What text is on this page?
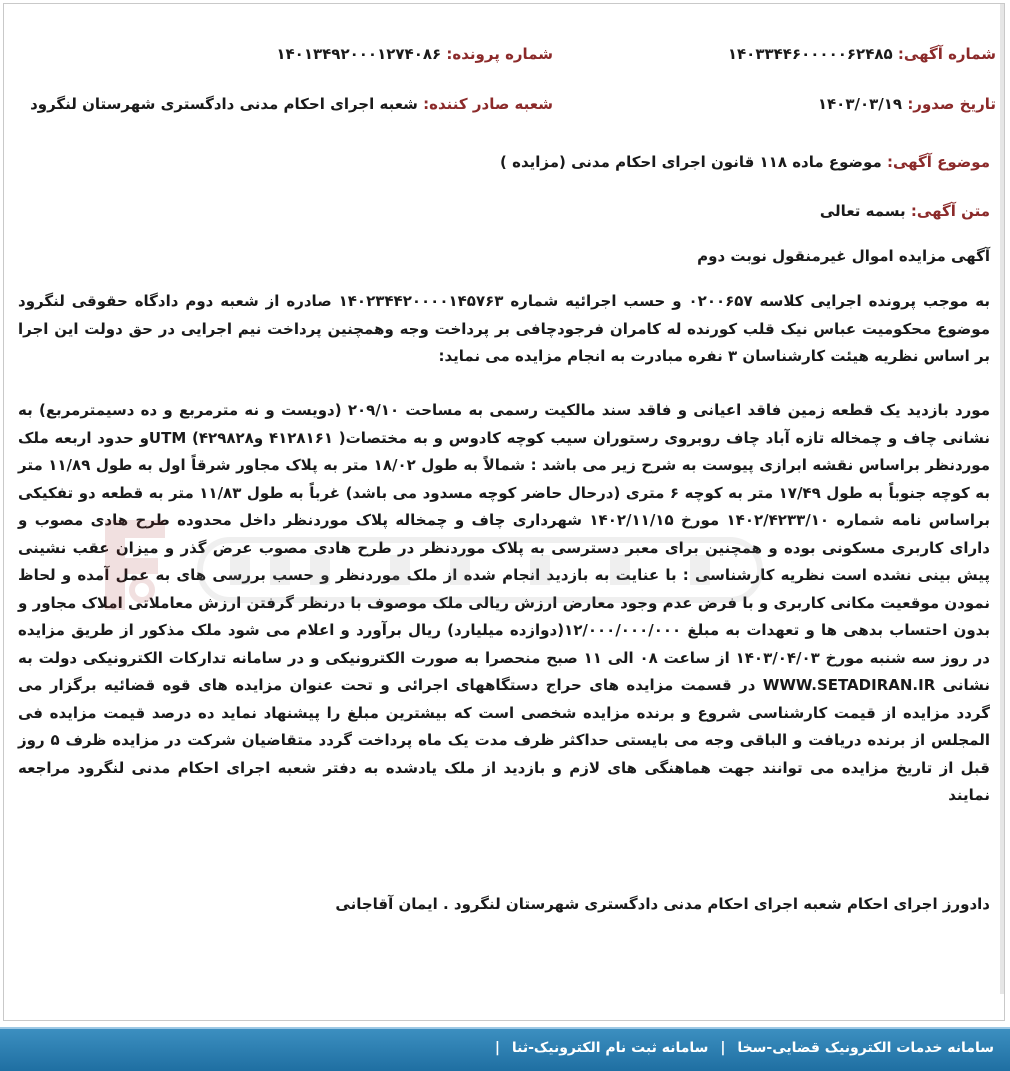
شماره آگهی: ۱۴۰۳۳۴۴۶۰۰۰۰۰۶۲۴۸۵
شماره پرونده: ۱۴۰۱۳۴۹۲۰۰۰۱۲۷۴۰۸۶
تاریخ صدور: ۱۴۰۳/۰۳/۱۹
شعبه صادر کننده: شعبه اجرای احکام مدنی دادگستری شهرستان لنگرود
موضوع آگهی: موضوع ماده ۱۱۸ قانون اجرای احکام مدنی (مزایده )
متن آگهی: بسمه تعالی
آگهی مزایده اموال غیرمنقول نوبت دوم
به موجب پرونده اجرایی کلاسه ۰۲۰۰۶۵۷ و حسب اجرائیه شماره ۱۴۰۲۳۴۴۲۰۰۰۰۱۴۵۷۶۳ صادره از شعبه دوم دادگاه حقوقی لنگرود موضوع محکومیت عباس نیک قلب کورنده له کامران فرجودچافی بر پرداخت وجه وهمچنین پرداخت نیم اجرایی در حق دولت این اجرا بر اساس نظریه هیئت کارشناسان ۳ نفره مبادرت به انجام مزایده می نماید:
مورد بازدید یک قطعه زمین فاقد اعیانی و فاقد سند مالکیت رسمی به مساحت ۲۰۹/۱۰ (دویست و نه مترمربع و ده دسیمترمربع) به نشانی چاف و چمخاله تازه آباد چاف روبروی رستوران سیب کوچه کادوس و به مختصات( ۴۱۲۸۱۶۱ و۴۲۹۸۲۸) UTMو حدود اربعه ملک موردنظر براساس نقشه ابرازی پیوست به شرح زیر می باشد : شمالاً به طول ۱۸/۰۲ متر به پلاک مجاور شرقاً اول به طول ۱۱/۸۹ متر به کوچه جنوباً به طول ۱۷/۴۹ متر به کوچه ۶ متری (درحال حاضر کوچه مسدود می باشد) غرباً به طول ۱۱/۸۳ متر به قطعه دو تفکیکی براساس نامه شماره ۱۴۰۲/۴۲۳۳/۱۰ مورخ ۱۴۰۲/۱۱/۱۵ شهرداری چاف و چمخاله پلاک موردنظر داخل محدوده طرح هادی مصوب و دارای کاربری مسکونی بوده و همچنین برای معبر دسترسی به پلاک موردنظر در طرح هادی مصوب عرض گذر و میزان عقب نشینی پیش بینی نشده است نظریه کارشناسی : با عنایت به بازدید انجام شده از ملک موردنظر و حسب بررسی های به عمل آمده و لحاظ نمودن موقعیت مکانی کاربری و با فرض عدم وجود معارض ارزش ریالی ملک موصوف با درنظر گرفتن ارزش معاملاتی املاک مجاور و بدون احتساب بدهی ها و تعهدات به مبلغ ۱۲/۰۰۰/۰۰۰/۰۰۰(دوازده میلیارد) ریال برآورد و اعلام می شود ملک مذکور از طریق مزایده در روز سه شنبه مورخ ۱۴۰۳/۰۴/۰۳ از ساعت ۰۸ الی ۱۱ صبح منحصرا به صورت الکترونیکی و در سامانه تدارکات الکترونیکی دولت به نشانی WWW.SETADIRAN.IR در قسمت مزایده های حراج دستگاههای اجرائی و تحت عنوان مزایده های قوه قضائیه برگزار می گردد مزایده از قیمت کارشناسی شروع و برنده مزایده شخصی است که بیشترین مبلغ را پیشنهاد نماید ده درصد قیمت مزایده فی المجلس از برنده دریافت و الباقی وجه می بایستی حداکثر ظرف مدت یک ماه پرداخت گردد متقاضیان شرکت در مزایده ظرف ۵ روز قبل از تاریخ مزایده می توانند جهت هماهنگی های لازم و بازدید از ملک یادشده به دفتر شعبه اجرای احکام مدنی لنگرود مراجعه نمایند
دادورز اجرای احکام شعبه اجرای احکام مدنی دادگستری شهرستان لنگرود . ایمان آقاجانی
سامانه خدمات الکترونیک قضایی-سخا | سامانه ثبت نام الکترونیک-ثنا |
